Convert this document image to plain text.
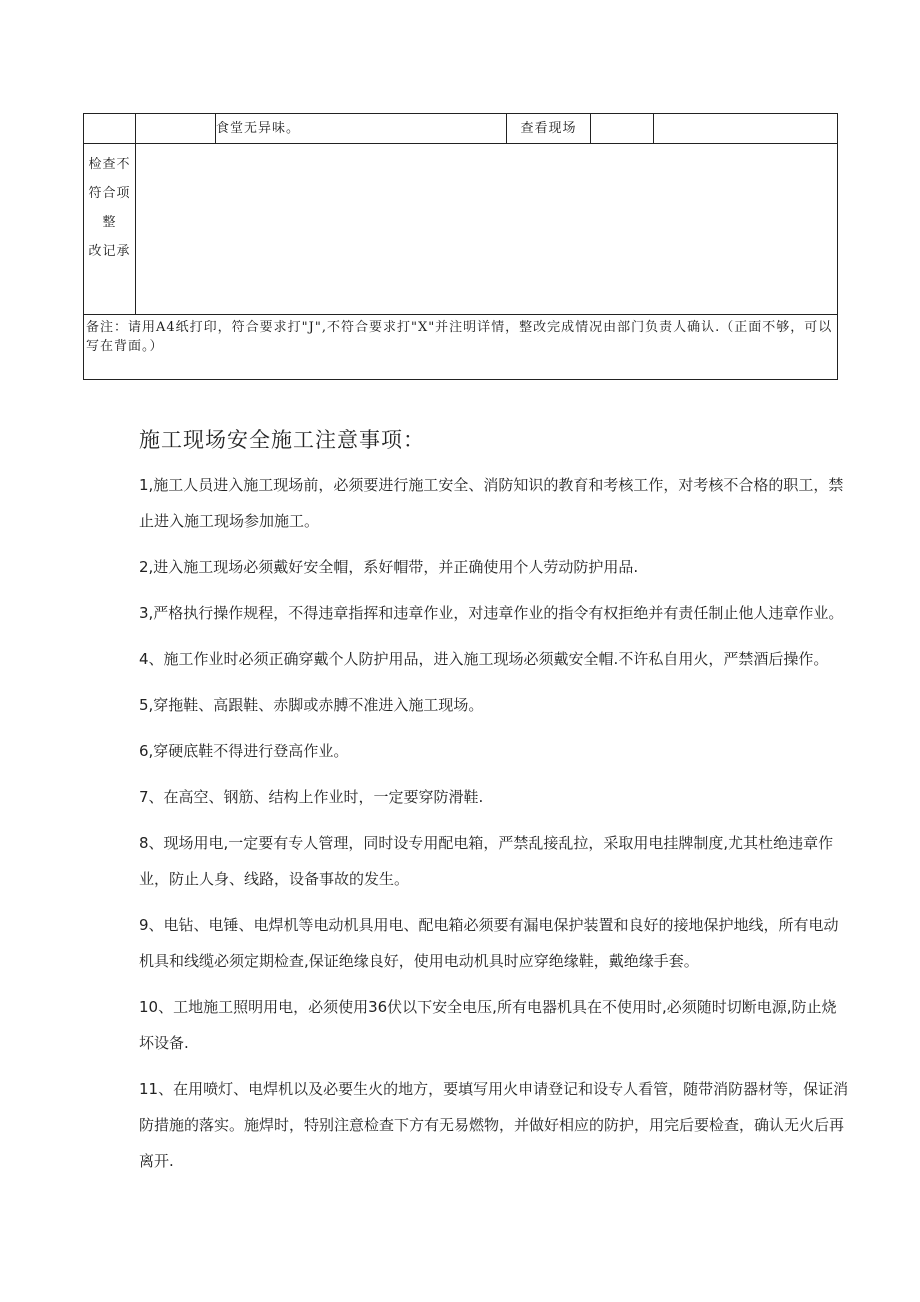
		食堂无异味。	查看现场		

检查不
符合项
整
改记承					

备注：请用A4纸打印，符合要求打"J",不符合要求打"X"并注明详情，整改完成情况由部门负责人确认.（正面不够，可以写在背面。）					
施工现场安全施工注意事项：

1,施工人员进入施工现场前，必须要进行施工安全、消防知识的教育和考核工作，对考核不合格的职工，禁止进入施工现场参加施工。

2,进入施工现场必须戴好安全帽，系好帽带，并正确使用个人劳动防护用品.

3,严格执行操作规程，不得违章指挥和违章作业，对违章作业的指令有权拒绝并有责任制止他人违章作业。

4、施工作业时必须正确穿戴个人防护用品，进入施工现场必须戴安全帽.不许私自用火，严禁酒后操作。

5,穿拖鞋、高跟鞋、赤脚或赤膊不准进入施工现场。

6,穿硬底鞋不得进行登高作业。

7、在高空、钢筋、结构上作业时，一定要穿防滑鞋.

8、现场用电,一定要有专人管理，同时设专用配电箱，严禁乱接乱拉，采取用电挂牌制度,尤其杜绝违章作业，防止人身、线路，设备事故的发生。

9、电钻、电锤、电焊机等电动机具用电、配电箱必须要有漏电保护装置和良好的接地保护地线，所有电动机具和线缆必须定期检查,保证绝缘良好，使用电动机具时应穿绝缘鞋，戴绝缘手套。

10、工地施工照明用电，必须使用36伏以下安全电压,所有电器机具在不使用时,必须随时切断电源,防止烧坏设备.

11、在用喷灯、电焊机以及必要生火的地方，要填写用火申请登记和设专人看管，随带消防器材等，保证消防措施的落实。施焊时，特别注意检查下方有无易燃物，并做好相应的防护，用完后要检查，确认无火后再离开.
